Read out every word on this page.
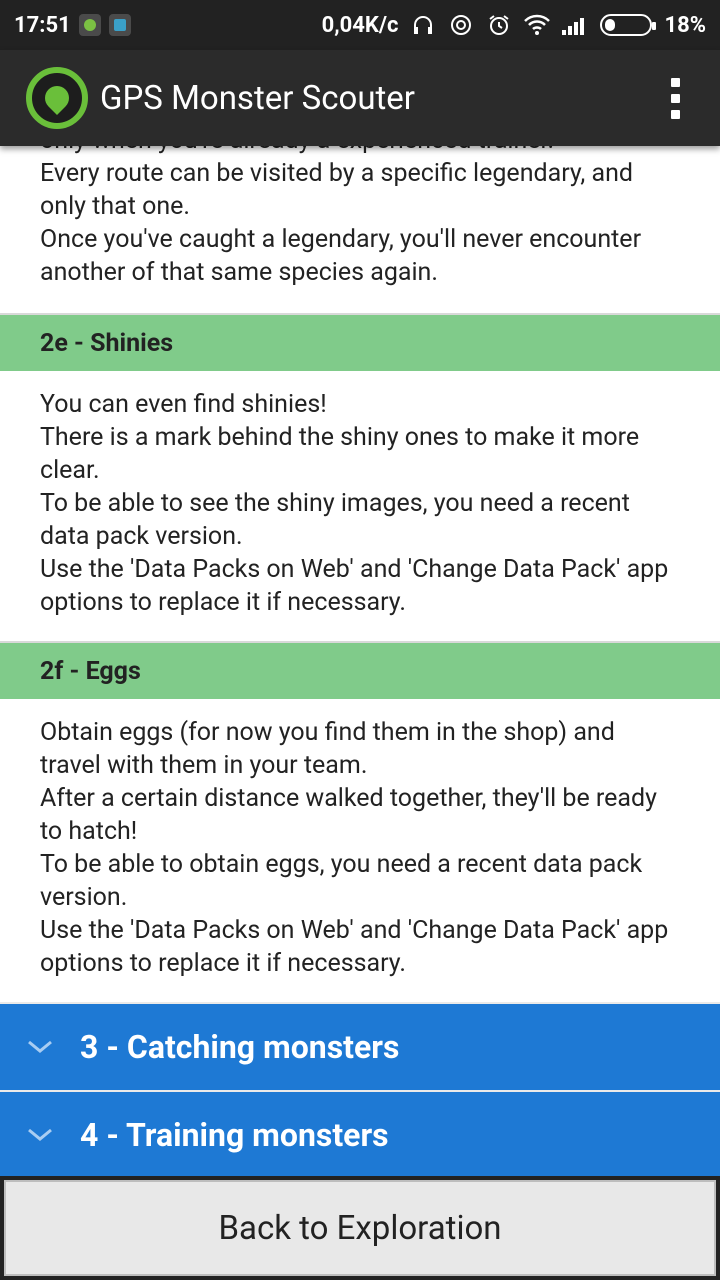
17:51	0,04K/c	18%
GPS Monster Scouter
Every route can be visited by a specific legendary, and only that one.
Once you've caught a legendary, you'll never encounter another of that same species again.
2e - Shinies
You can even find shinies!
There is a mark behind the shiny ones to make it more clear.
To be able to see the shiny images, you need a recent data pack version.
Use the 'Data Packs on Web' and 'Change Data Pack' app options to replace it if necessary.
2f - Eggs
Obtain eggs (for now you find them in the shop) and travel with them in your team.
After a certain distance walked together, they'll be ready to hatch!
To be able to obtain eggs, you need a recent data pack version.
Use the 'Data Packs on Web' and 'Change Data Pack' app options to replace it if necessary.
3 - Catching monsters
4 - Training monsters
Back to Exploration
